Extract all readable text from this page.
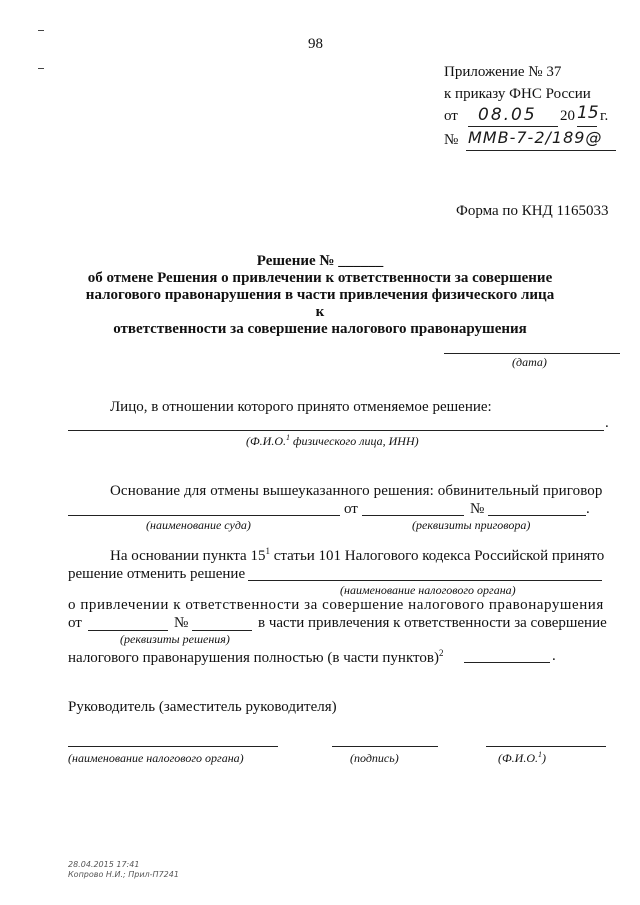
98
Приложение № 37
к приказу ФНС России
от 08.05 20 15 г.
№ ММВ-7-2/189@
Форма по КНД 1165033
Решение № ______
об отмене Решения о привлечении к ответственности за совершение
налогового правонарушения в части привлечения физического лица к
ответственности за совершение налогового правонарушения
(дата)
Лицо, в отношении которого принято отменяемое решение:
.
(Ф.И.О.$^1$ физического лица, ИНН)
Основание для отмены вышеуказанного решения: обвинительный приговор
от	№	.
(наименование суда)	(реквизиты приговора)
На основании пункта $15^1$ статьи 101 Налогового кодекса Российской принято
решение отменить решение
(наименование налогового органа)
о привлечении к ответственности за совершение налогового правонарушения
от	№	в части привлечения к ответственности за совершение
(реквизиты решения)
налогового правонарушения полностью (в части пунктов)$^2$	.
Руководитель (заместитель руководителя)
(наименование налогового органа)	(подпись)	(Ф.И.О.$^1$)
28.04.2015 17:41
Копрово Н.И.; Прил-П7241
